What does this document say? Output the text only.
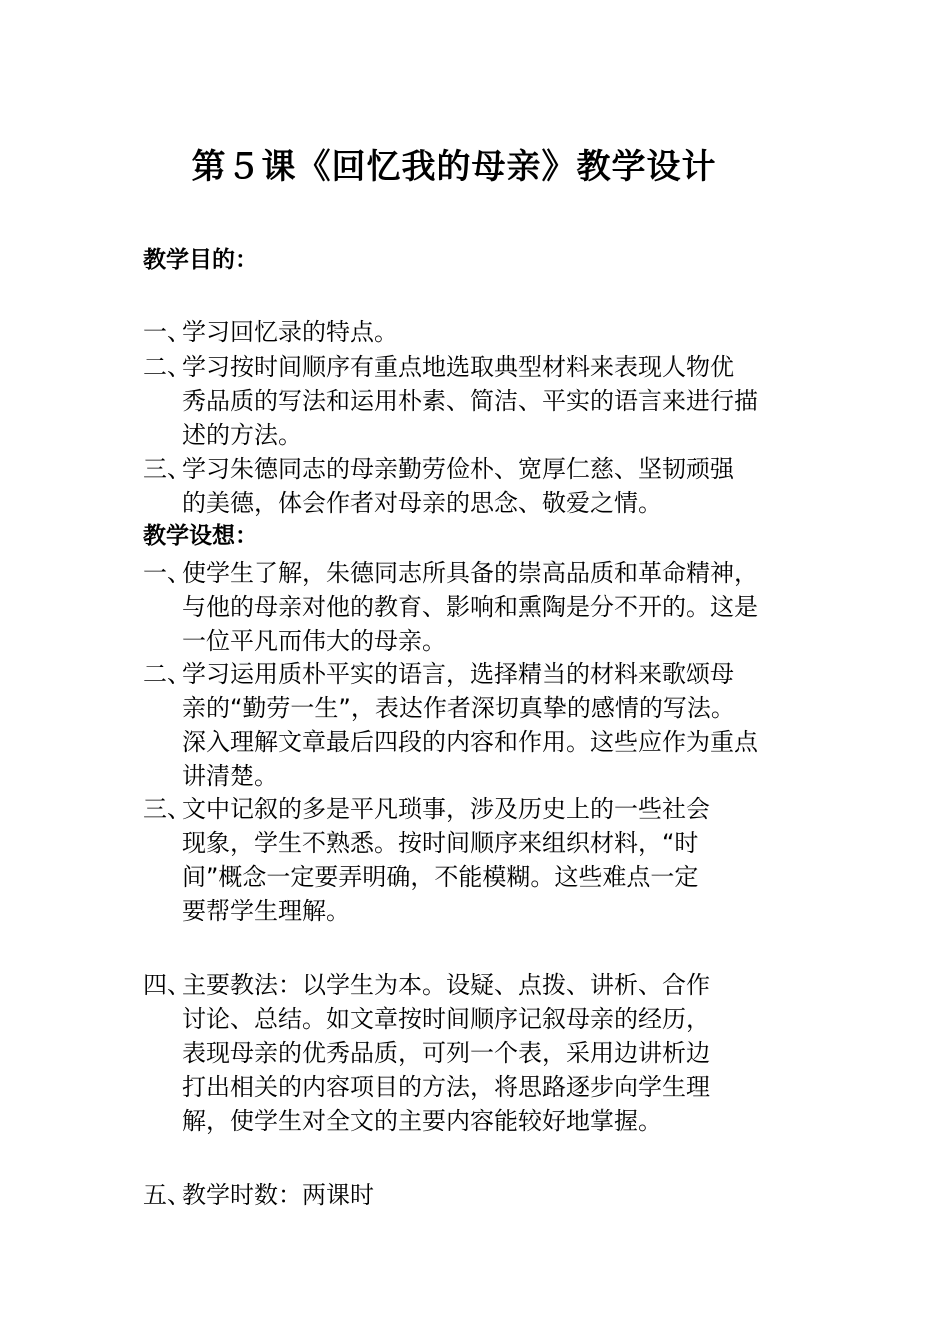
第５课《回忆我的母亲》教学设计
教学目的：
一、
学习回忆录的特点。
二、
学习按时间顺序有重点地选取典型材料来表现人物优
秀品质的写法和运用朴素、简洁、平实的语言来进行描
述的方法。
三、
学习朱德同志的母亲勤劳俭朴、宽厚仁慈、坚韧顽强
的美德，体会作者对母亲的思念、敬爱之情。
教学设想：
一、
使学生了解，朱德同志所具备的崇高品质和革命精神，
与他的母亲对他的教育、影响和熏陶是分不开的。这是
一位平凡而伟大的母亲。
二、
学习运用质朴平实的语言，选择精当的材料来歌颂母
亲的“勤劳一生”，表达作者深切真挚的感情的写法。
深入理解文章最后四段的内容和作用。这些应作为重点
讲清楚。
三、
文中记叙的多是平凡琐事，涉及历史上的一些社会
现象，学生不熟悉。按时间顺序来组织材料，“时
间”概念一定要弄明确，不能模糊。这些难点一定
要帮学生理解。
四、
主要教法：以学生为本。设疑、点拨、讲析、合作
讨论、总结。如文章按时间顺序记叙母亲的经历，
表现母亲的优秀品质，可列一个表，采用边讲析边
打出相关的内容项目的方法，将思路逐步向学生理
解，使学生对全文的主要内容能较好地掌握。
五、
教学时数：两课时
